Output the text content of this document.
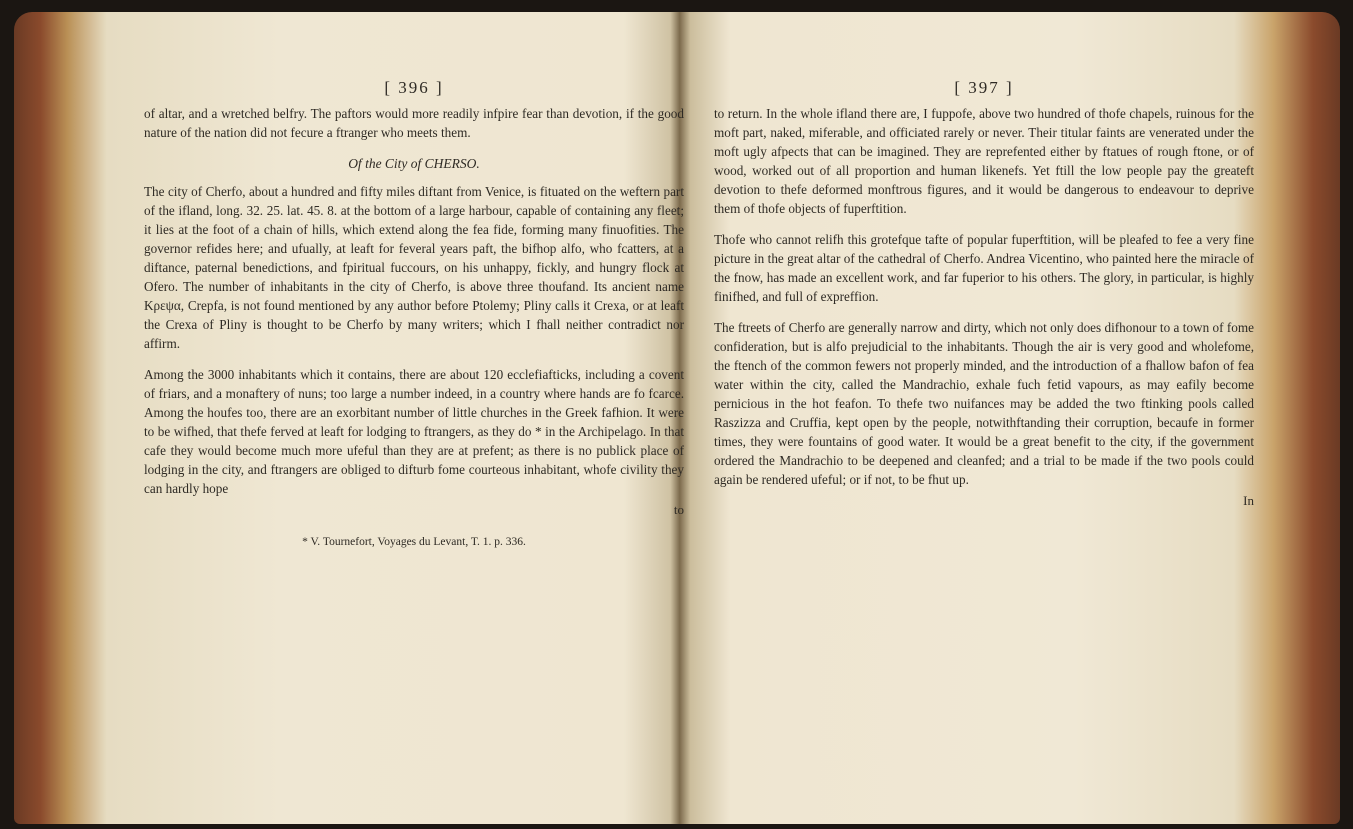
[ 396 ]

of altar, and a wretched belfry. The paftors would more readily infpire fear than devotion, if the good nature of the nation did not fecure a ftranger who meets them.

Of the City of CHERSO.

The city of Cherfo, about a hundred and fifty miles diftant from Venice, is fituated on the weftern part of the ifland, long. 32. 25. lat. 45. 8. at the bottom of a large harbour, capable of containing any fleet; it lies at the foot of a chain of hills, which extend along the fea fide, forming many finuofities. The governor refides here; and ufually, at leaft for feveral years paft, the bifhop alfo, who fcatters, at a diftance, paternal benedictions, and fpiritual fuccours, on his unhappy, fickly, and hungry flock at Ofero. The number of inhabitants in the city of Cherfo, is above three thoufand. Its ancient name Κρεψα, Crepfa, is not found mentioned by any author before Ptolemy; Pliny calls it Crexa, or at leaft the Crexa of Pliny is thought to be Cherfo by many writers; which I fhall neither contradict nor affirm.

Among the 3000 inhabitants which it contains, there are about 120 ecclefiafticks, including a covent of friars, and a monaftery of nuns; too large a number indeed, in a country where hands are fo fcarce. Among the houfes too, there are an exorbitant number of little churches in the Greek fafhion. It were to be wifhed, that thefe ferved at leaft for lodging to ftrangers, as they do * in the Archipelago. In that cafe they would become much more ufeful than they are at prefent; as there is no publick place of lodging in the city, and ftrangers are obliged to difturb fome courteous inhabitant, whofe civility they can hardly hope

to
* V. Tournefort, Voyages du Levant, T. 1. p. 336.
[ 397 ]

to return. In the whole ifland there are, I fuppofe, above two hundred of thofe chapels, ruinous for the moft part, naked, miferable, and officiated rarely or never. Their titular faints are venerated under the moft ugly afpects that can be imagined. They are reprefented either by ftatues of rough ftone, or of wood, worked out of all proportion and human likenefs. Yet ftill the low people pay the greateft devotion to thefe deformed monftrous figures, and it would be dangerous to endeavour to deprive them of thofe objects of fuperftition.

Thofe who cannot relifh this grotefque tafte of popular fuperftition, will be pleafed to fee a very fine picture in the great altar of the cathedral of Cherfo. Andrea Vicentino, who painted here the miracle of the fnow, has made an excellent work, and far fuperior to his others. The glory, in particular, is highly finifhed, and full of expreffion.

The ftreets of Cherfo are generally narrow and dirty, which not only does difhonour to a town of fome confideration, but is alfo prejudicial to the inhabitants. Though the air is very good and wholefome, the ftench of the common fewers not properly minded, and the introduction of a fhallow bafon of fea water within the city, called the Mandrachio, exhale fuch fetid vapours, as may eafily become pernicious in the hot feafon. To thefe two nuifances may be added the two ftinking pools called Raszizza and Cruffia, kept open by the people, notwithftanding their corruption, becaufe in former times, they were fountains of good water. It would be a great benefit to the city, if the government ordered the Mandrachio to be deepened and cleanfed; and a trial to be made if the two pools could again be rendered ufeful; or if not, to be fhut up.

In
